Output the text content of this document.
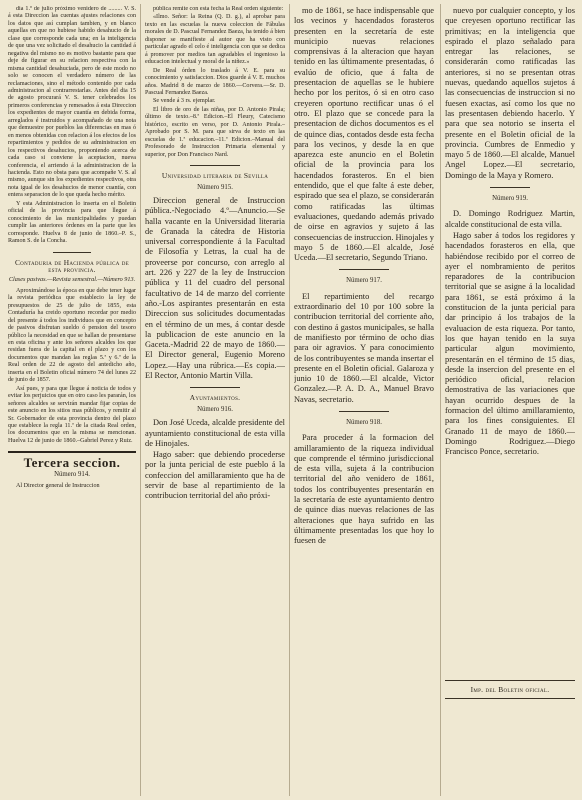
dia 1.º de julio próximo venidero de ......... V. S. á esta Direccion las cuentas ajustes relaciones con los datos que así cumplan tambien, y en blanco aquellas en que no hubiese habido desahucio de la clase que corresponde cada una; en la inteligencia de que una vez solicitado el desahucio la cantidad á negativa del mismo no es motivo bastante para que deje de figurar en su relacion respectiva con la misma cantidad desahuciada, pero de este modo no solo se conocen el verdadero número de las reclamaciones, sino el método contenido por cada administracion al contrarrestarlas. Antes del dia 15 de agosto procurará V. S. tener celebrados los primeros conferencias y remesados á esta Direccion los expedientes de mayor cuantía en debida forma, arreglados é instruidos y acompañado de una nota que demuestre por pueblos las diferencias en mas ó en menos obtenidas con relacion á los efectos de los repartimientos y pedidos de su administracion en los respectivos desahucios, proponiendo acerca de cada caso si conviene la aceptacion, nueva conferencia, el arriendo á la administracion de la hacienda. Esto no obsta para que acompañe V. S. al mismo, aunque sin los expedientes respectivos, otra nota igual de los desahucios de menor cuantía, con entera separacion de lo que queda hecho mérito.

Y esta Administracion lo inserta en el Boletin oficial de la provincia para que llegue á conocimiento de las municipalidades y puedan cumplir las anteriores órdenes en la parte que les corresponde. Huelva 8 de junio de 1860.–P. S., Ramon S. de la Concha.

Contaduria de Hacienda pública de esta provincia.

Clases pasivas.—Revista semestral.—Número 913.

Aproximándose la época en que debe tener lugar la revista periódica que establecio la ley de presupuestos de 25 de julio de 1855, esta Contaduría ha creido oportuno recordar por medio del presente á todos los individuos que en concepto de pasivos disfrutan sueldo ó pension del tesoro público la necesidad en que se hallan de presentarse en esta oficina y ante los señores alcaldes los que residan fuera de la capital en el plazo y con los documentos que mandan las reglas 5.ª y 6.ª de la Real orden de 22 de agosto del antedicho año, inserta en el Boletin oficial número 74 del lunes 22 de junio de 1857.

Así pues, y para que llegue á noticia de todos y evitar los perjuicios que en otro caso les pararán, los señores alcaldes se servirán mandar fijar copias de este anuncio en los sitios mas públicos, y remitir al Sr. Gobernador de esta provincia dentro del plazo que establece la regla 11.ª de la citada Real orden, los documentos que en la misma se mencionan. Huelva 12 de junio de 1860.–Gabriel Perez y Ruiz.

Tercera seccion.

Número 914.

Al Director general de Instruccion

pública remite con esta fecha la Real orden siguiente:

«Ilmo. Señor: la Reina (Q. D. g.), al aprobar para texto en las escuelas la nueva coleccion de Fábulas morales de D. Pascual Fernandez Baeza, ha tenido á bien disponer se manifieste al autor que ha visto con particular agrado el celo é inteligencia con que se dedica á promover por medios tan agradables el ingenioso la educacion intelectual y moral de la niñez.»

De Real órden lo traslado á V. E. para su conocimiento y satisfaccion. Dios guarde á V. E. muchos años. Madrid 8 de marzo de 1860.—Corvera.—Sr. D. Pascual Fernandez Baeza.

Se vende á 3 rs. ejemplar.

El libro de oro de las niñas, por D. Antonio Pirala; último de texto.–8.ª Edicion.–El Fleury, Catecismo histórico, escrito en verso, por D. Antonio Pirala.–Aprobado por S. M. para que sirva de texto en las escuelas de 1.ª educacion.–11.ª Edicion.–Manual del Profesorado de Instruccion Primaria elemental y superior, por Don Francisco Nard.

Universidad literaria de Sevilla

Número 915.

Direccion general de Instruccion pública.-Negociado 4.º—Anuncio.—Se halla vacante en la Universidad literaria de Granada la cátedra de Historia universal correspondiente á la Facultad de Filosofía y Letras, la cual ha de proveerse por concurso, con arreglo al art. 226 y 227 de la ley de Instruccion pública y 11 del cuadro del personal facultativo de 14 de marzo del corriente año.-Los aspirantes presentarán en esta Direccion sus solicitudes documentadas en el término de un mes, á contar desde la publicacion de este anuncio en la Gaceta.-Madrid 22 de mayo de 1860.—El Director general, Eugenio Moreno Lopez.—Hay una rúbrica.—Es copia.—El Rector, Antonio Martin Villa.

Ayuntamientos.

Número 916.

Don José Uceda, alcalde presidente del ayuntamiento constitucional de esta villa de Hinojales.

Hago saber: que debiendo procederse por la junta pericial de este pueblo á la confeccion del amillaramiento que ha de servir de base al repartimiento de la contribucion territorial del año próxi-

mo de 1861, se hace indispensable que los vecinos y hacendados forasteros presenten en la secretaría de este municipio nuevas relaciones comprensivas á la alteracion que hayan tenido en las últimamente presentadas, ó evalúo de oficio, que á falta de presentacion de aquellas se le hubiere hecho por los peritos, ó si en otro caso creyeren oportuno rectificar unas ó el otro. El plazo que se concede para la presentacion de dichos documentos es el de quince dias, contados desde esta fecha para los vecinos, y desde la en que aparezca este anuncio en el Boletin oficial de la provincia para los hacendados forasteros. En el bien entendido, que el que falte á este deber, espirado que sea el plazo, se considerarán como ratificadas las últimas evaluaciones, quedando además privado de oirse en agravios y sujeto á las consecuencias de instruccion. Hinojales y mayo 5 de 1860.—El alcalde, José Uceda.—El secretario, Segundo Triano.

Número 917.

El repartimiento del recargo extraordinario del 10 por 100 sobre la contribucion territorial del corriente año, con destino á gastos municipales, se halla de manifiesto por término de ocho dias para oir agravios. Y para conocimiento de los contribuyentes se manda insertar el presente en el Boletin oficial. Galaroza y junio 10 de 1860.—El alcalde, Victor Gonzalez.—P. A. D. A., Manuel Bravo Navas, secretario.

Número 918.

Para proceder á la formacion del amillaramiento de la riqueza individual que comprende el término jurisdiccional de esta villa, sujeta á la contribucion territorial del año venidero de 1861, todos los contribuyentes presentarán en la secretaría de este ayuntamiento dentro de quince dias nuevas relaciones de las alteraciones que haya sufrido en las últimamente presentadas los que hoy lo fuesen de

nuevo por cualquier concepto, y los que creyesen oportuno rectificar las primitivas; en la inteligencia que espirado el plazo señalado para entregar las relaciones, se considerarán como ratificadas las anteriores, si no se presentan otras nuevas, quedando aquellos sujetos á las consecuencias de instruccion si no fuesen exactas, así como los que no las presentasen debiendo hacerlo. Y para que sea notorio se inserta el presente en el Boletin oficial de la provincia. Cumbres de Enmedio y mayo 5 de 1860.—El alcalde, Manuel Angel Lopez.—El secretario, Domingo de la Maya y Romero.

Número 919.

D. Domingo Rodriguez Martin, alcalde constitucional de esta villa.

Hago saber á todos los regidores y hacendados forasteros en ella, que habiéndose recibido por el correo de ayer el nombramiento de peritos reparadores de la contribucion territorial que se asigne á la localidad para 1861, se está próximo á la constitucion de la junta pericial para dar principio á los trabajos de la evaluacion de esta riqueza. Por tanto, los que hayan tenido en la suya particular algun movimiento, presentarán en el término de 15 dias, desde la insercion del presente en el periódico oficial, relacion demostrativa de las variaciones que hayan ocurrido despues de la formacion del último amillaramiento, para los fines consiguientes. El Granado 11 de mayo de 1860.—Domingo Rodriguez.—Diego Francisco Ponce, secretario.

Imp. del Boletin oficial.
